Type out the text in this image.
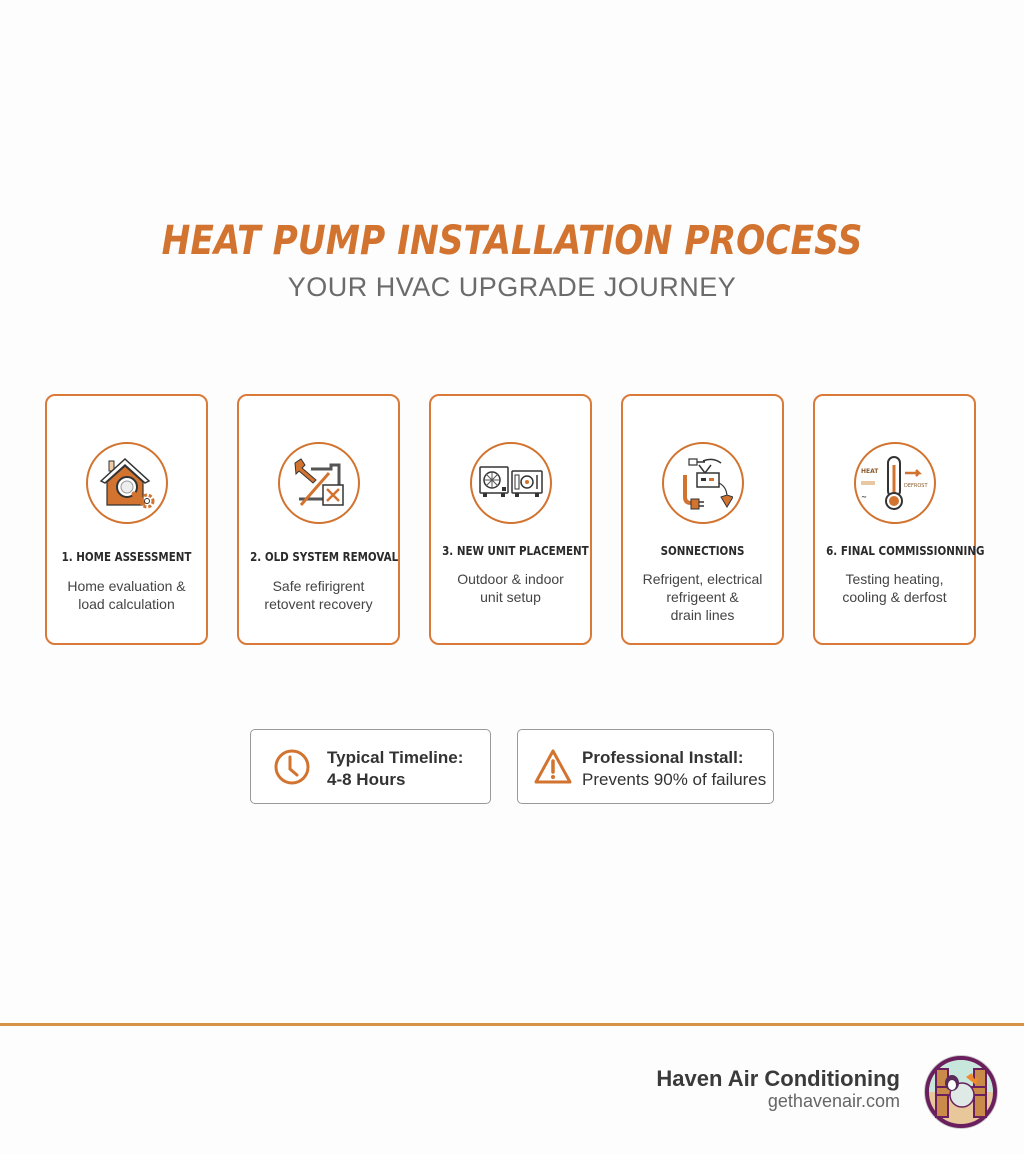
HEAT PUMP INSTALLATION PROCESS
YOUR HVAC UPGRADE JOURNEY
1. HOME ASSESSMENT
Home evaluation &
load calculation
2. OLD SYSTEM REMOVAL
Safe refirigrent
retovent recovery
3. NEW UNIT PLACEMENT
Outdoor & indoor
unit setup
SONNECTIONS
Refrigent, electrical
refrigeent &
drain lines
HEAT
~
DEFROST
6. FINAL COMMISSIONNING
Testing heating,
cooling & derfost
Typical Timeline:
4-8 Hours
Professional Install:
Prevents 90% of failures
Haven Air Conditioning
gethavenair.com
